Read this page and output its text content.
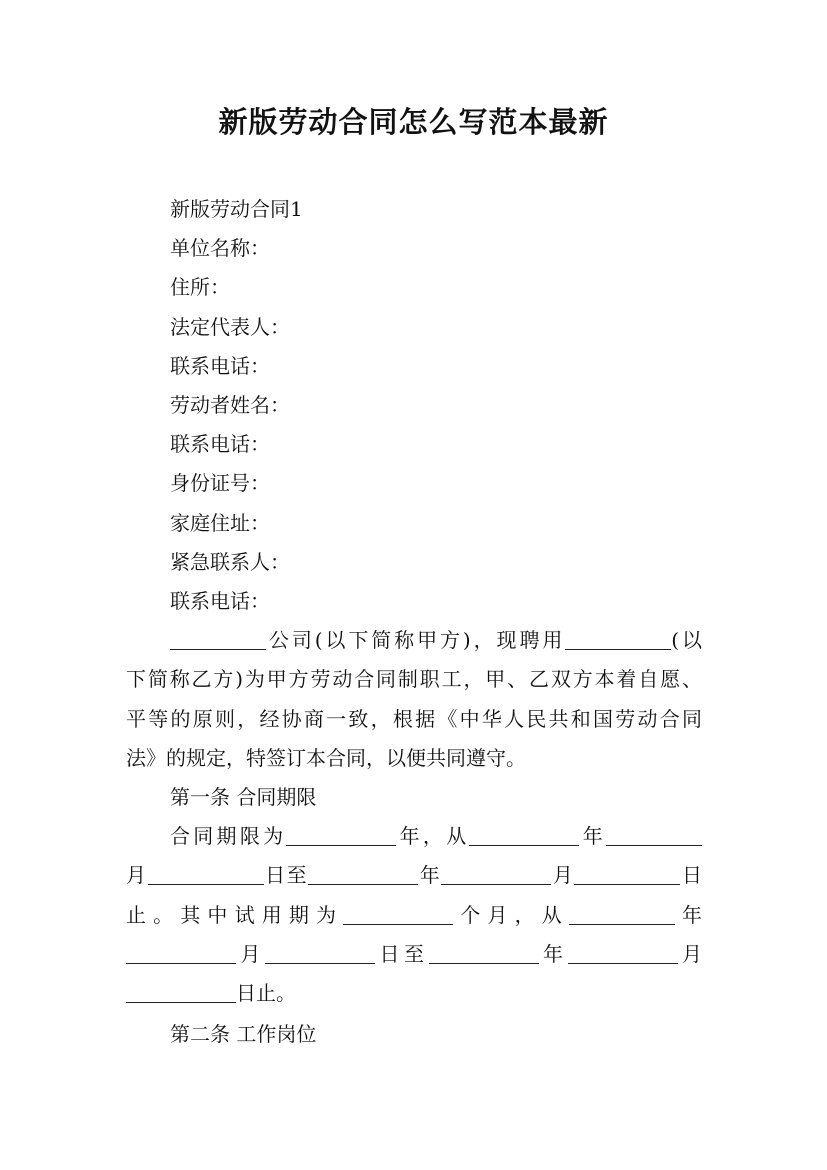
新版劳动合同怎么写范本最新
新版劳动合同1
单位名称：
住所：
法定代表人：
联系电话：
劳动者姓名：
联系电话：
身份证号：
家庭住址：
紧急联系人：
联系电话：
公司(以下简称甲方)，现聘用	(以
下简称乙方)为甲方劳动合同制职工，甲、乙双方本着自愿、
平等的原则，经协商一致，根据《中华人民共和国劳动合同
法》的规定，特签订本合同，以便共同遵守。
第一条 合同期限
合同期限为	年，从	年
月	日至	年	月	日
止。其中试用期为	个月，从	年
月	日至	年	月
日止。
第二条 工作岗位
